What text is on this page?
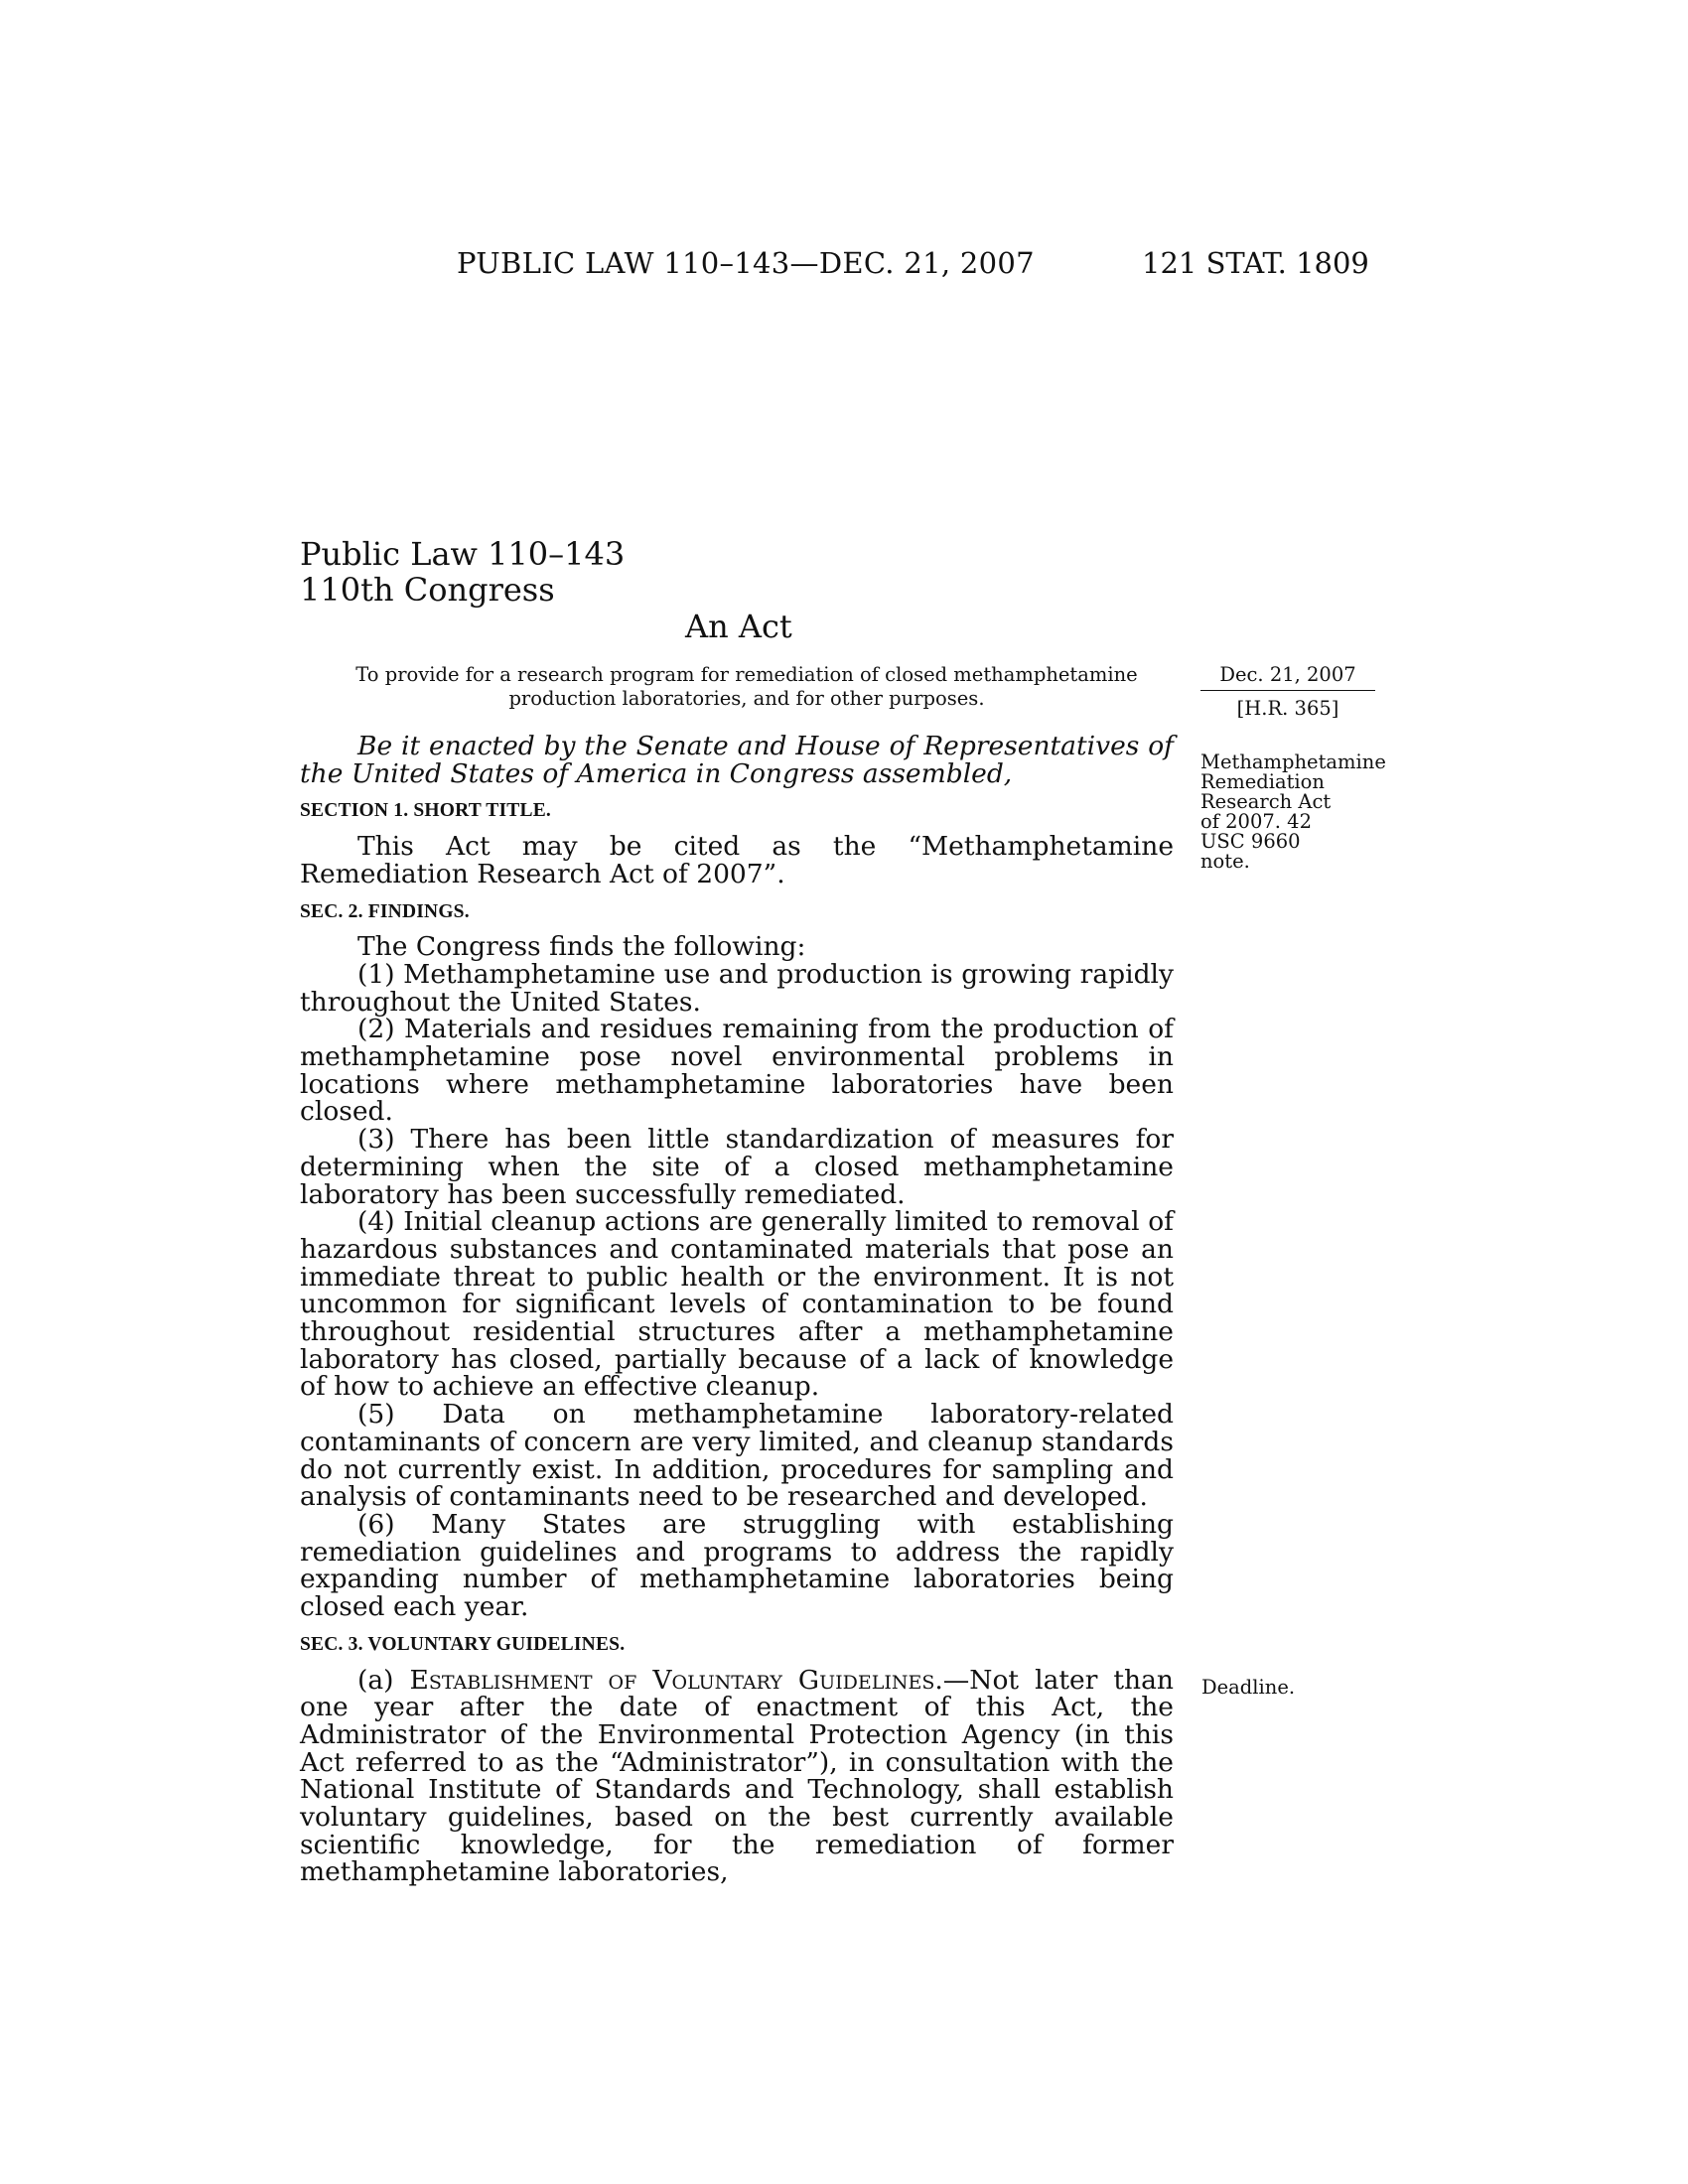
PUBLIC LAW 110–143—DEC. 21, 2007	121 STAT. 1809
Public Law 110–143
110th Congress
An Act
To provide for a research program for remediation of closed methamphetamine production laboratories, and for other purposes.
Dec. 21, 2007
[H.R. 365]

Be it enacted by the Senate and House of Representatives of the United States of America in Congress assembled,

SECTION 1. SHORT TITLE.

This Act may be cited as the “Methamphetamine Remediation Research Act of 2007”.

SEC. 2. FINDINGS.

The Congress finds the following:

(1) Methamphetamine use and production is growing rapidly throughout the United States.

(2) Materials and residues remaining from the production of methamphetamine pose novel environmental problems in locations where methamphetamine laboratories have been closed.

(3) There has been little standardization of measures for determining when the site of a closed methamphetamine laboratory has been successfully remediated.

(4) Initial cleanup actions are generally limited to removal of hazardous substances and contaminated materials that pose an immediate threat to public health or the environment. It is not uncommon for significant levels of contamination to be found throughout residential structures after a methamphetamine laboratory has closed, partially because of a lack of knowledge of how to achieve an effective cleanup.

(5) Data on methamphetamine laboratory-related contaminants of concern are very limited, and cleanup standards do not currently exist. In addition, procedures for sampling and analysis of contaminants need to be researched and developed.

(6) Many States are struggling with establishing remediation guidelines and programs to address the rapidly expanding number of methamphetamine laboratories being closed each year.

SEC. 3. VOLUNTARY GUIDELINES.

(a) Establishment of Voluntary Guidelines.—Not later than one year after the date of enactment of this Act, the Administrator of the Environmental Protection Agency (in this Act referred to as the “Administrator”), in consultation with the National Institute of Standards and Technology, shall establish voluntary guidelines, based on the best currently available scientific knowledge, for the remediation of former methamphetamine laboratories,

Methamphetamine Remediation Research Act of 2007. 42 USC 9660 note.
Deadline.
